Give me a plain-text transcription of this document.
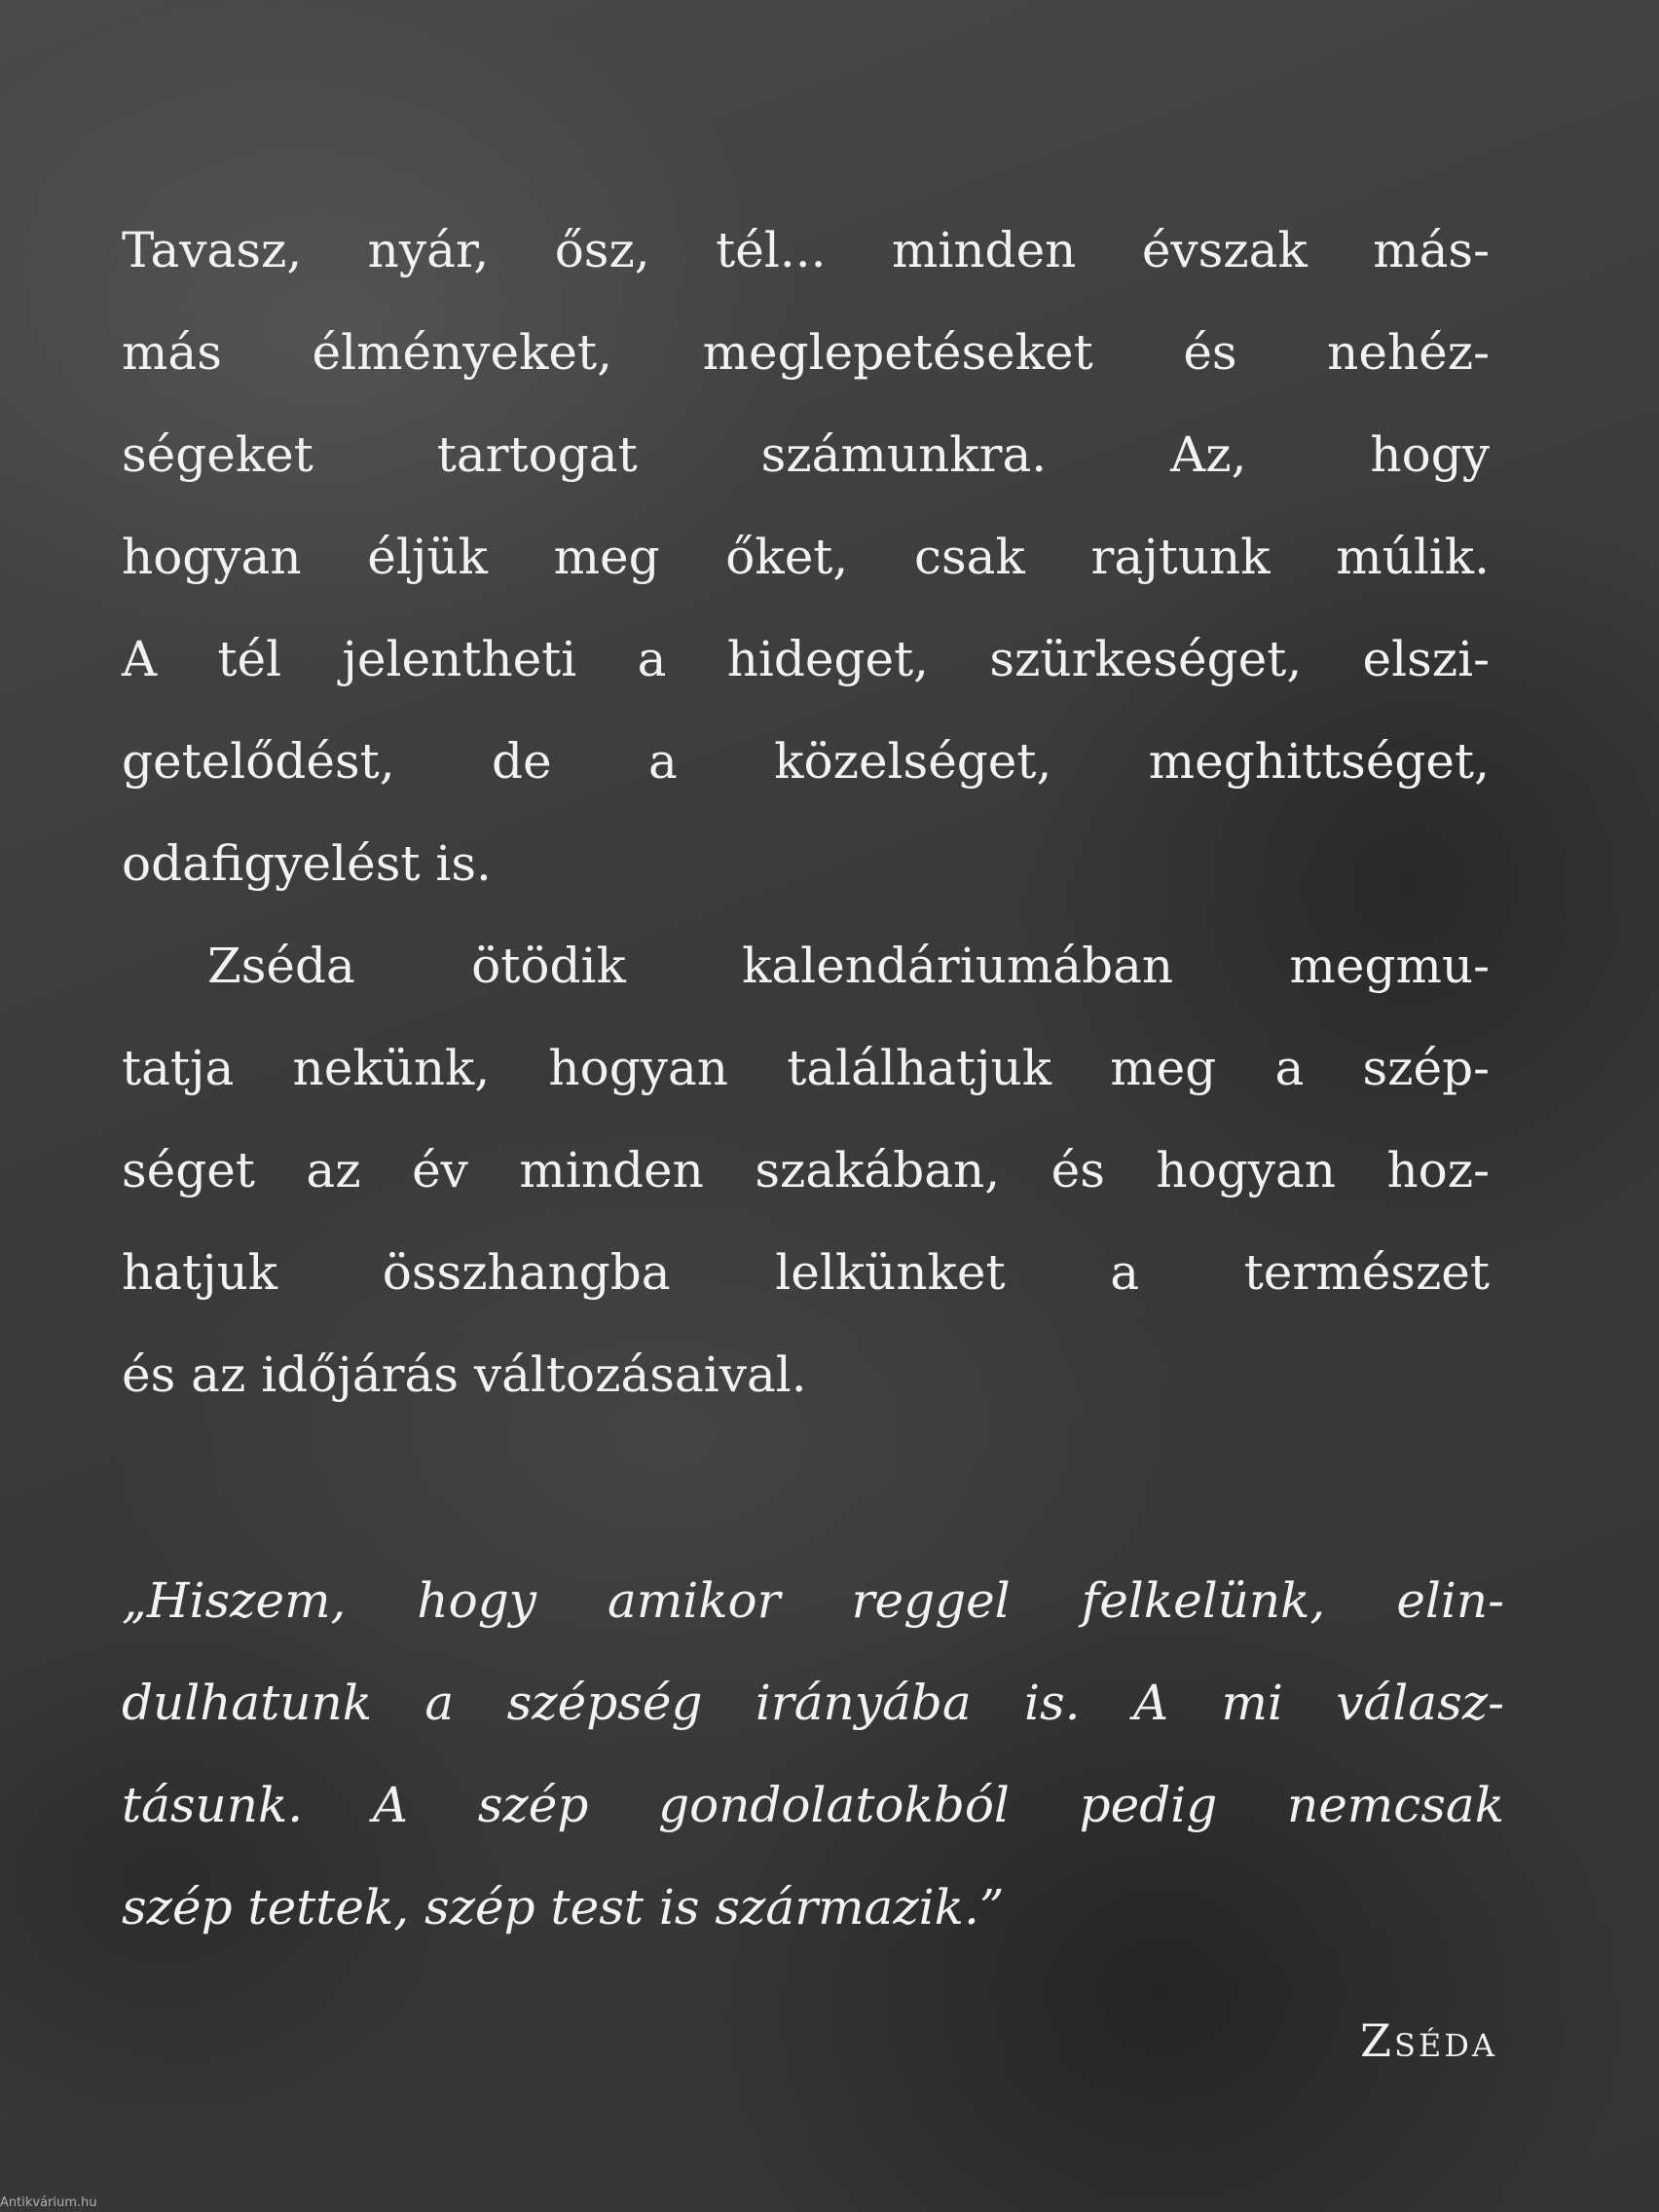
Tavasz, nyár, ősz, tél... minden évszak más-
más élményeket, meglepetéseket és nehéz-
ségeket tartogat számunkra. Az, hogy
hogyan éljük meg őket, csak rajtunk múlik.
A tél jelentheti a hideget, szürkeséget, elszi-
getelődést, de a közelséget, meghittséget,
odafigyelést is.
Zséda ötödik kalendáriumában megmu-
tatja nekünk, hogyan találhatjuk meg a szép-
séget az év minden szakában, és hogyan hoz-
hatjuk összhangba lelkünket a természet
és az időjárás változásaival.
„Hiszem, hogy amikor reggel felkelünk, elin-
dulhatunk a szépség irányába is. A mi válasz-
tásunk. A szép gondolatokból pedig nemcsak
szép tettek, szép test is származik.”
Zséda
Antikvárium.hu
